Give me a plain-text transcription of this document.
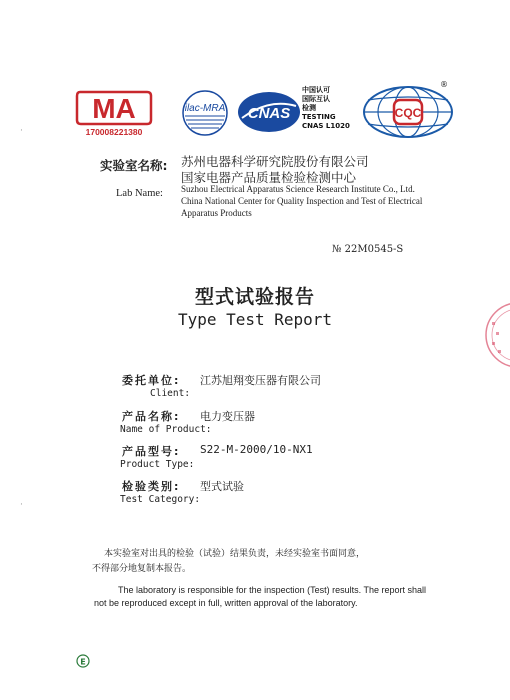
·
·
MA
170008221380
ilac-MRA CNAS
中国认可
国际互认
检测
TESTING
CNAS L1020
CQC
®
实验室名称: 苏州电器科学研究院股份有限公司
国家电器产品质量检验检测中心
Lab Name: Suzhou Electrical Apparatus Science Research Institute Co., Ltd.
China National Center for Quality Inspection and Test of Electrical
Apparatus Products
№ 22M0545-S
型式试验报告
Type Test Report
委托单位: 江苏旭翔变压器有限公司
Client:
产品名称: 电力变压器
Name of Product:
产品型号: S22-M-2000/10-NX1
Product Type:
检验类别: 型式试验
Test Category:
本实验室对出具的检验（试验）结果负责，未经实验室书面同意，
不得部分地复制本报告。
The laboratory is responsible for the inspection (Test) results. The report shall
not be reproduced except in full, written approval of the laboratory.
E
